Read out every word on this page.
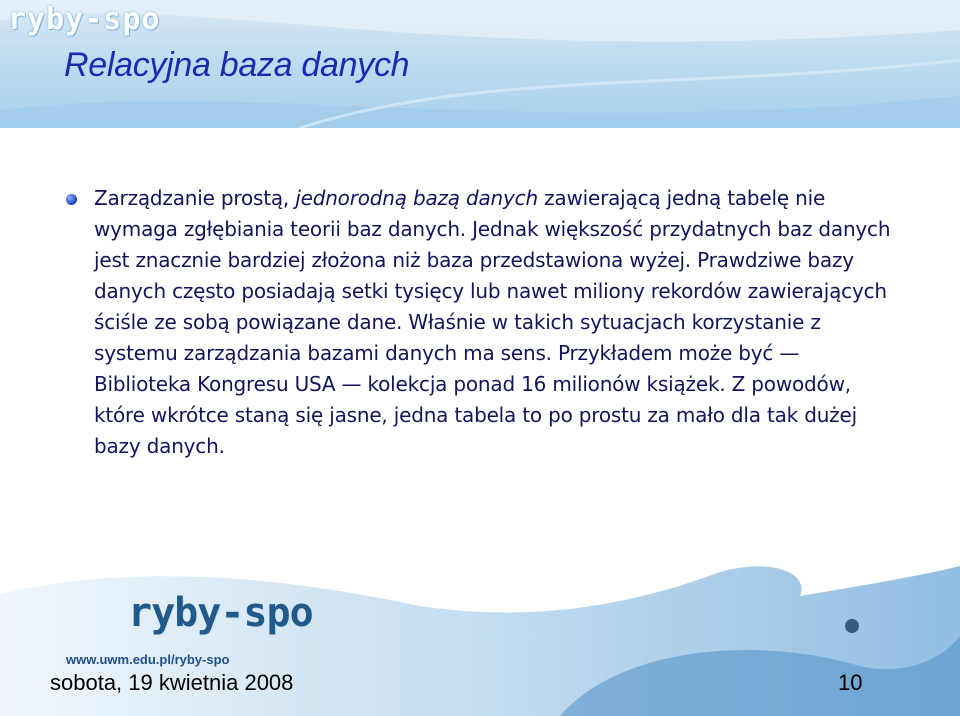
ryby-spo
Relacyjna baza danych

Zarządzanie prostą, jednorodną bazą danych zawierającą jedną tabelę nie wymaga zgłębiania teorii baz danych. Jednak większość przydatnych baz danych jest znacznie bardziej złożona niż baza przedstawiona wyżej. Prawdziwe bazy danych często posiadają setki tysięcy lub nawet miliony rekordów zawierających ściśle ze sobą powiązane dane. Właśnie w takich sytuacjach korzystanie z systemu zarządzania bazami danych ma sens. Przykładem może być — Biblioteka Kongresu USA — kolekcja ponad 16 milionów książek. Z powodów, które wkrótce staną się jasne, jedna tabela to po prostu za mało dla tak dużej bazy danych.

ryby-spo
www.uwm.edu.pl/ryby-spo
sobota, 19 kwietnia 2008	10
